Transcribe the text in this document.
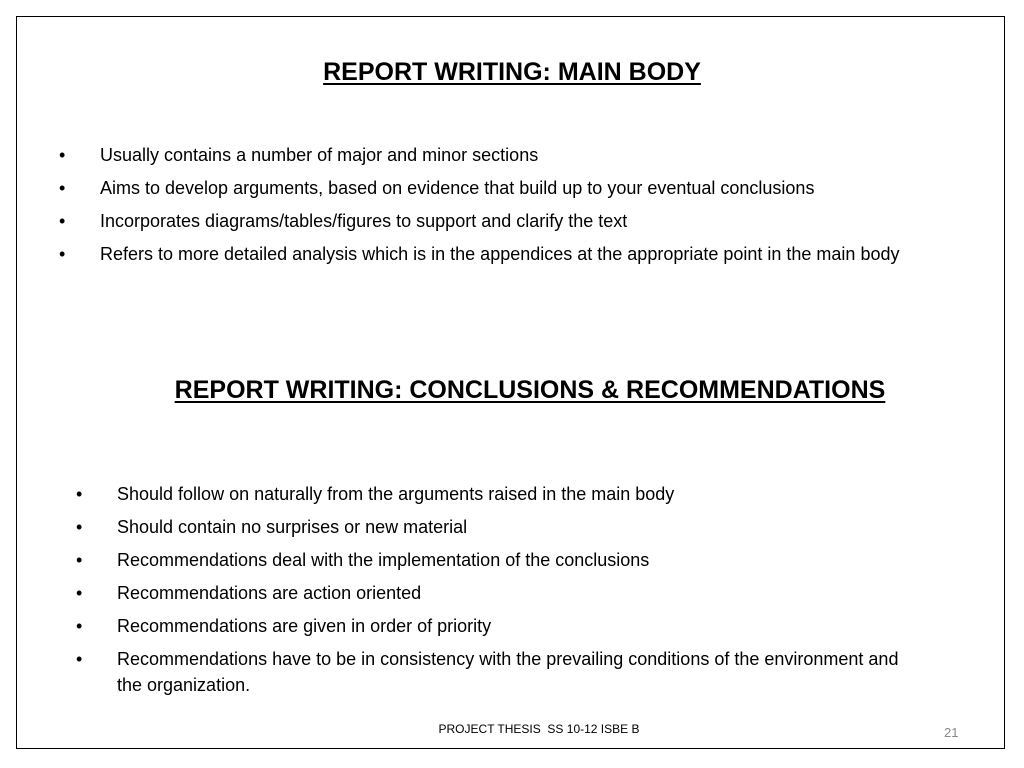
REPORT WRITING: MAIN BODY
• Usually contains a number of major and minor sections
• Aims to develop arguments, based on evidence that build up to your eventual conclusions
• Incorporates diagrams/tables/figures to support and clarify the text
• Refers to more detailed analysis which is in the appendices at the appropriate point in the main body
REPORT WRITING: CONCLUSIONS & RECOMMENDATIONS
• Should follow on naturally from the arguments raised in the main body
• Should contain no surprises or new material
• Recommendations deal with the implementation of the conclusions
• Recommendations are action oriented
• Recommendations are given in order of priority
• Recommendations have to be in consistency with the prevailing conditions of the environment and the organization.
PROJECT THESIS  SS 10-12 ISBE B	21
